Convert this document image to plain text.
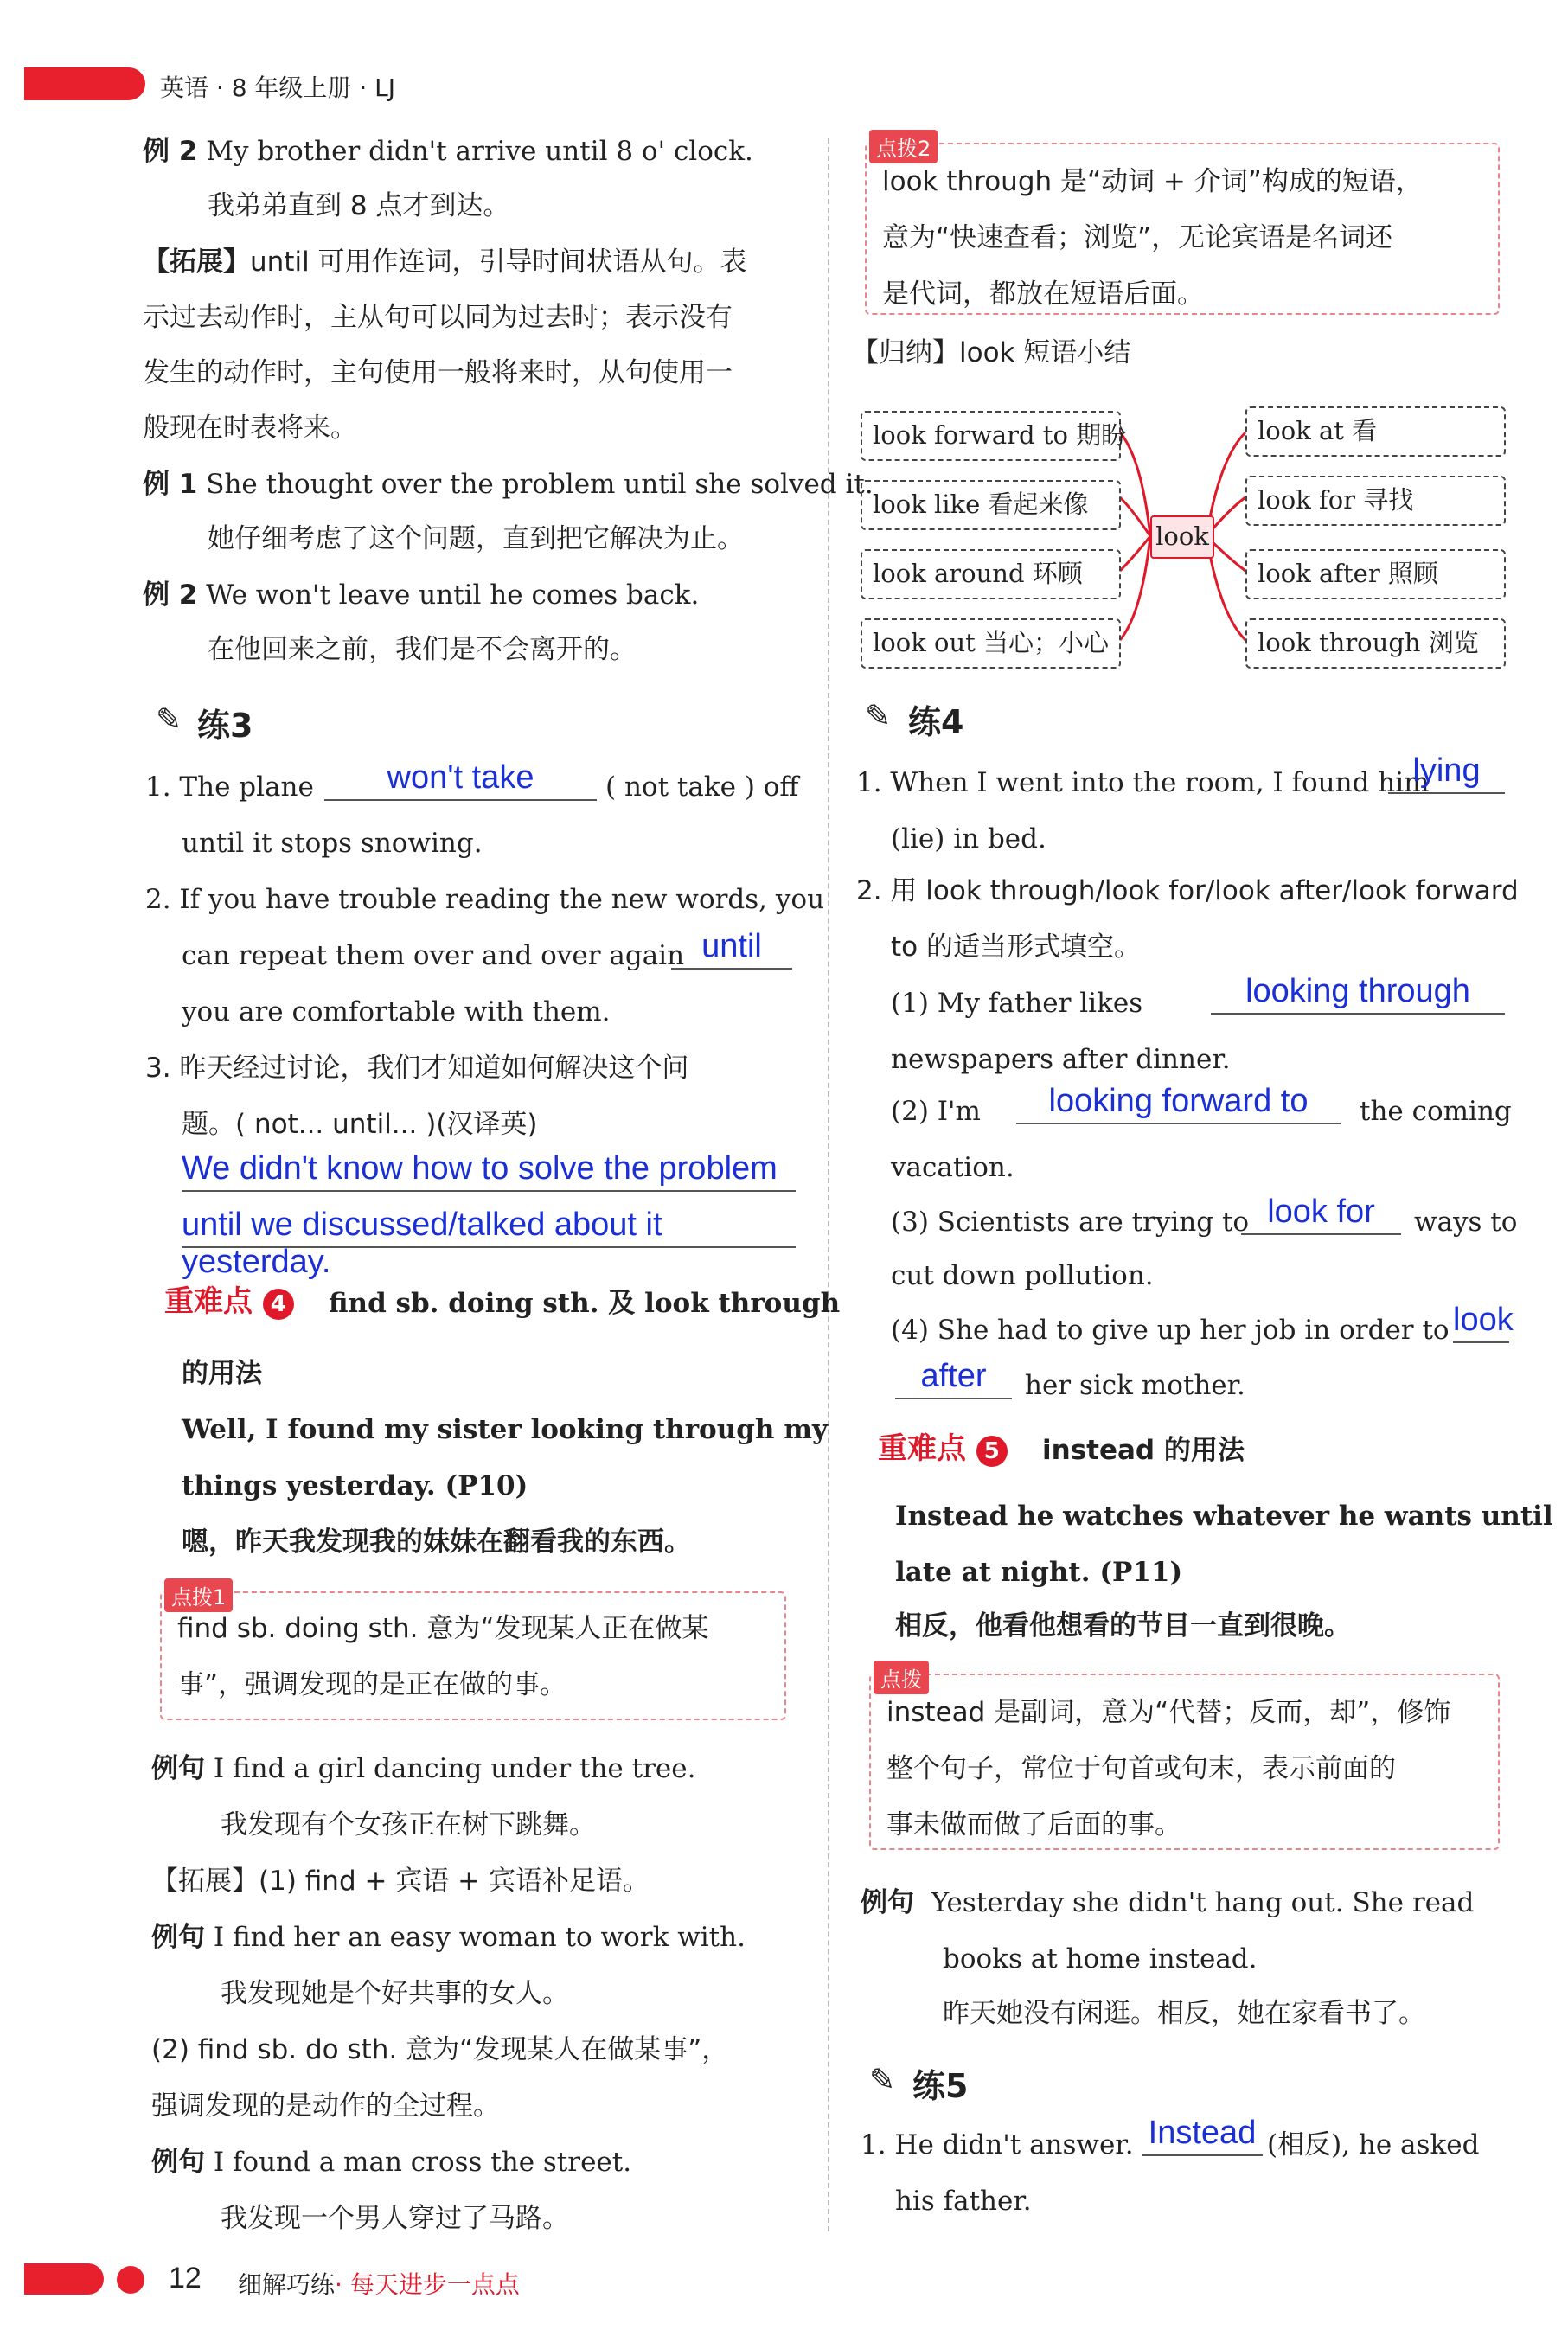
英语 · 8 年级上册 · LJ
例 2 My brother didn't arrive until 8 o' clock.
我弟弟直到 8 点才到达。
【拓展】until 可用作连词，引导时间状语从句。表
示过去动作时，主从句可以同为过去时；表示没有
发生的动作时，主句使用一般将来时，从句使用一
般现在时表将来。
例 1 She thought over the problem until she solved it.
她仔细考虑了这个问题，直到把它解决为止。
例 2 We won't leave until he comes back.
在他回来之前，我们是不会离开的。
✎ 练3
1. The plane	won't take	( not take ) off
until it stops snowing.
2. If you have trouble reading the new words, you
can repeat them over and over again until
you are comfortable with them.
3. 昨天经过讨论，我们才知道如何解决这个问
题。( not... until... )(汉译英)
We didn't know how to solve the problem
until we discussed/talked about it yesterday.
重难点 4 find sb. doing sth. 及 look through
的用法
Well, I found my sister looking through my
things yesterday. (P10)
嗯，昨天我发现我的妹妹在翻看我的东西。
点拨1
find sb. doing sth. 意为“发现某人正在做某
事”，强调发现的是正在做的事。
例句 I find a girl dancing under the tree.
我发现有个女孩正在树下跳舞。
【拓展】(1) find + 宾语 + 宾语补足语。
例句 I find her an easy woman to work with.
我发现她是个好共事的女人。
(2) find sb. do sth. 意为“发现某人在做某事”，
强调发现的是动作的全过程。
例句 I found a man cross the street.
我发现一个男人穿过了马路。
点拨2
look through 是“动词 + 介词”构成的短语，
意为“快速查看；浏览”，无论宾语是名词还
是代词，都放在短语后面。
【归纳】look 短语小结
look
look forward to 期盼
look like 看起来像
look around 环顾
look out 当心；小心
look at 看
look for 寻找
look after 照顾
look through 浏览
✎ 练4
1. When I went into the room, I found him
lying
(lie) in bed.
2. 用 look through/look for/look after/look forward
to 的适当形式填空。
(1) My father likes	looking through
newspapers after dinner.
(2) I'm	looking forward to	the coming
vacation.
(3) Scientists are trying to look for	ways to
cut down pollution.
(4) She had to give up her job in order to look
after	her sick mother.
重难点 5 instead 的用法
Instead he watches whatever he wants until
late at night. (P11)
相反，他看他想看的节目一直到很晚。
点拨
instead 是副词，意为“代替；反而，却”，修饰
整个句子，常位于句首或句末，表示前面的
事未做而做了后面的事。
例句 Yesterday she didn't hang out. She read
books at home instead.
昨天她没有闲逛。相反，她在家看书了。
✎ 练5
1. He didn't answer. Instead (相反), he asked
his father.
12 细解巧练· 每天进步一点点
